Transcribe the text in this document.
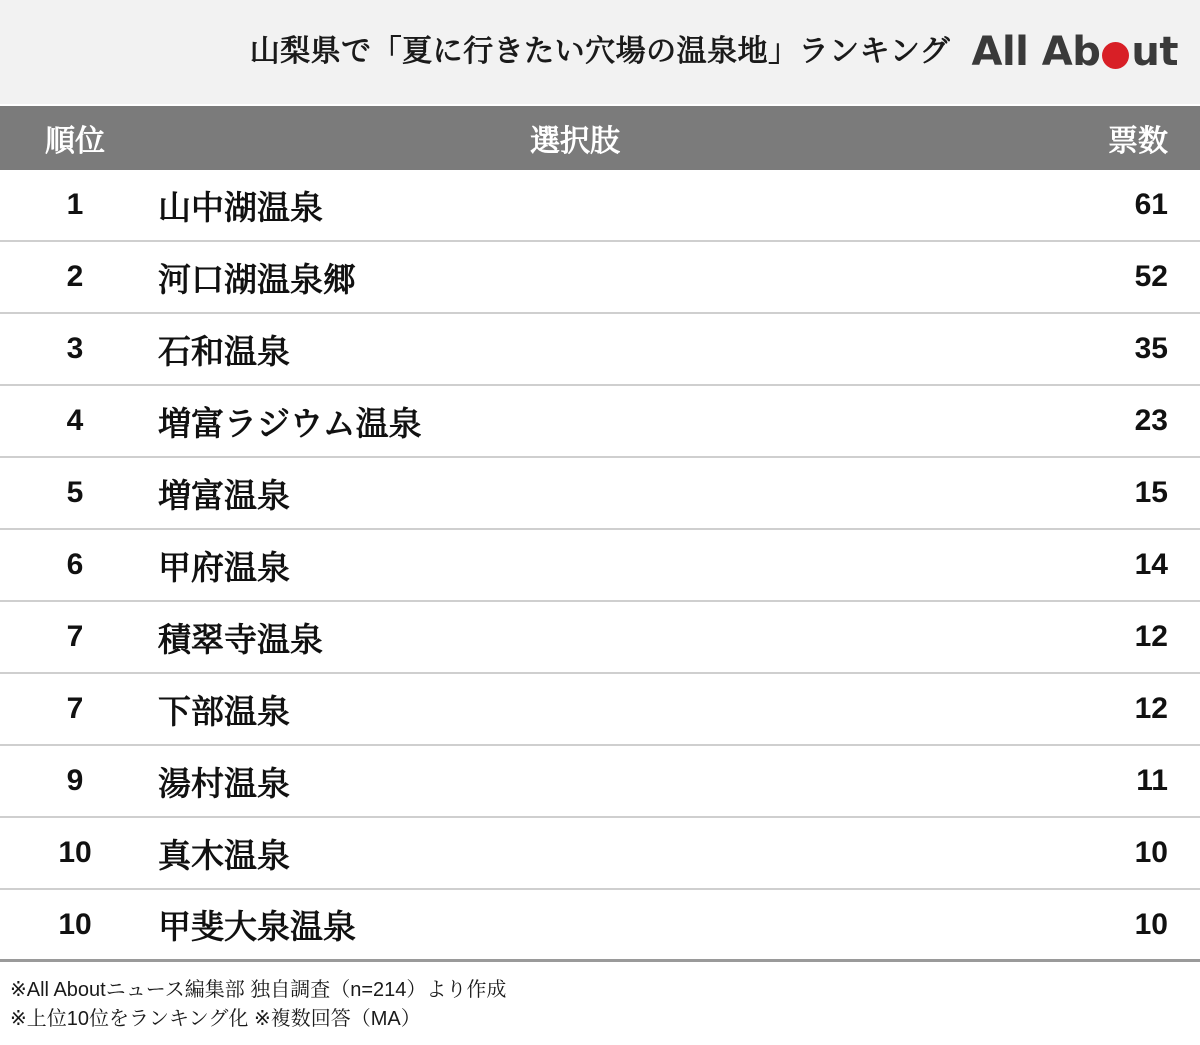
山梨県で「夏に行きたい穴場の温泉地」ランキング All Ab ut
順位	選択肢	票数
1	山中湖温泉	61
2	河口湖温泉郷	52
3	石和温泉	35
4	増富ラジウム温泉	23
5	増富温泉	15
6	甲府温泉	14
7	積翠寺温泉	12
7	下部温泉	12
9	湯村温泉	11
10	真木温泉	10
10	甲斐大泉温泉	10
※All Aboutニュース編集部 独自調査（n=214）より作成
※上位10位をランキング化 ※複数回答（MA）
